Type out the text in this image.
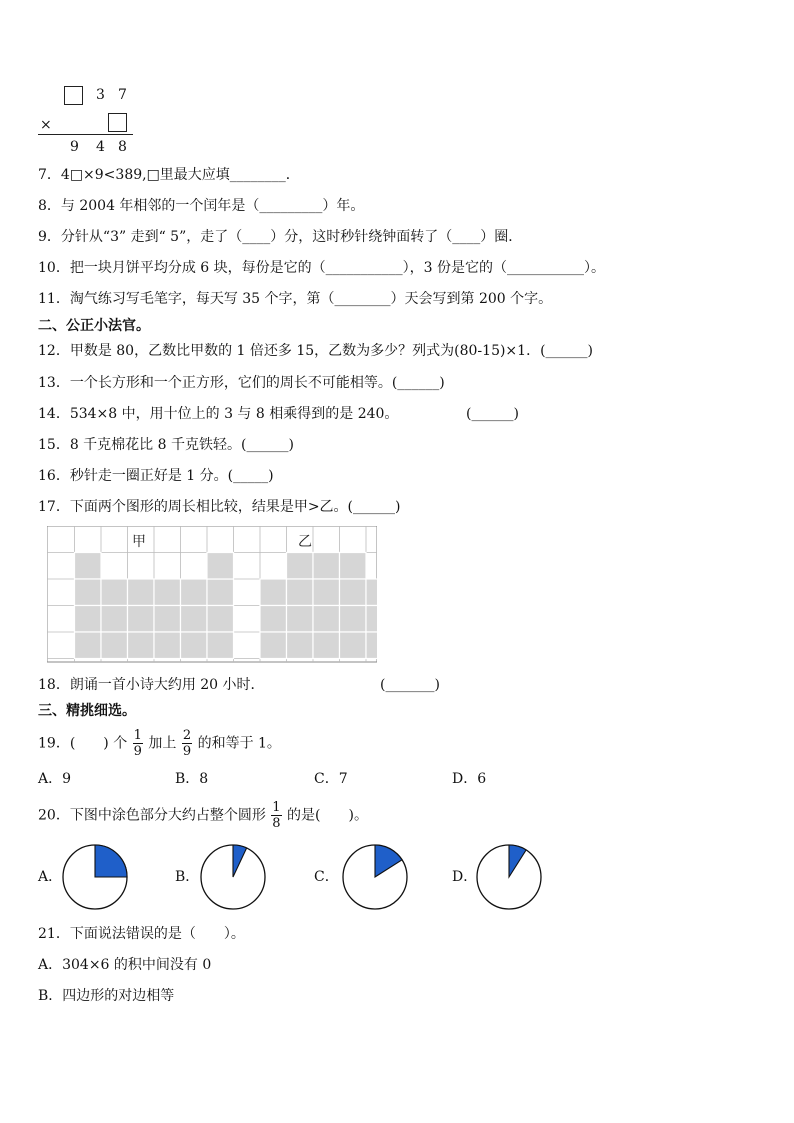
3 7
×
9 4 8
7．4□×9<389,□里最大应填________．
8．与 2004 年相邻的一个闰年是（_________）年。
9．分针从“3” 走到“ 5”，走了（____）分，这时秒针绕钟面转了（____）圈．
10．把一块月饼平均分成 6 块，每份是它的（___________），3 份是它的（___________）。
11．淘气练习写毛笔字，每天写 35 个字，第（________）天会写到第 200 个字。
二、公正小法官。
12．甲数是 80，乙数比甲数的 1 倍还多 15，乙数为多少？列式为(80-15)×1．(______)
13．一个长方形和一个正方形，它们的周长不可能相等。(______)
14．534×8 中，用十位上的 3 与 8 相乘得到的是 240。	(______)
15．8 千克棉花比 8 千克铁轻。(______)
16．秒针走一圈正好是 1 分。(_____)
17．下面两个图形的周长相比较，结果是甲>乙。(______)
甲	乙
18．朗诵一首小诗大约用 20 小时．	(_______)
三、精挑细选。
19．(　　) 个 $\frac{1}{9}$ 加上 $\frac{2}{9}$ 的和等于 1。
A．9	B．8	C．7	D．6
20．下图中涂色部分大约占整个圆形 $\frac{1}{8}$ 的是(　　)。
A．	B．	C．	D．
21．下面说法错误的是（　　）。
A．304×6 的积中间没有 0
B．四边形的对边相等
